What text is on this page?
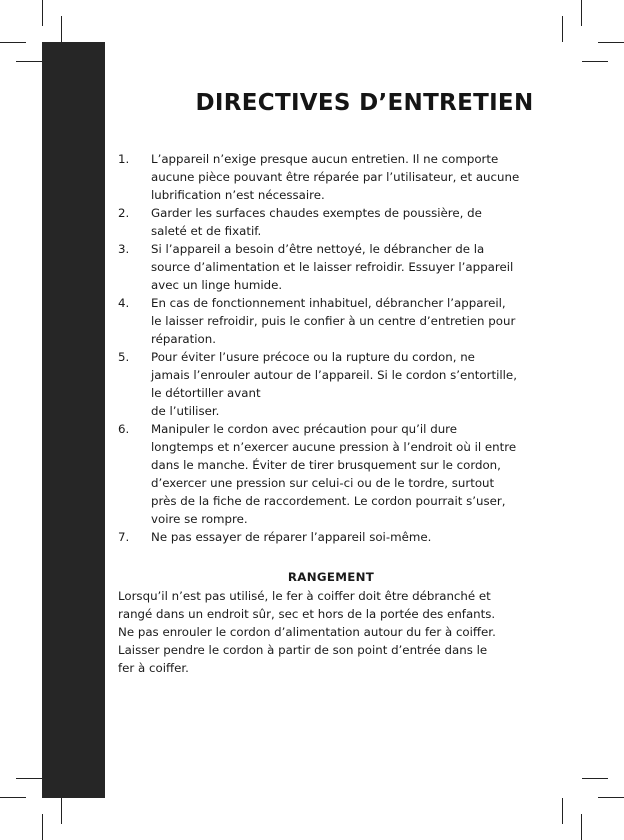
DIRECTIVES D’ENTRETIEN
1. L’appareil n’exige presque aucun entretien. Il ne comporte
aucune pièce pouvant être réparée par l’utilisateur, et aucune
lubrification n’est nécessaire.
2. Garder les surfaces chaudes exemptes de poussière, de
saleté et de fixatif.
3. Si l’appareil a besoin d’être nettoyé, le débrancher de la
source d’alimentation et le laisser refroidir. Essuyer l’appareil
avec un linge humide.
4. En cas de fonctionnement inhabituel, débrancher l’appareil,
le laisser refroidir, puis le confier à un centre d’entretien pour
réparation.
5. Pour éviter l’usure précoce ou la rupture du cordon, ne
jamais l’enrouler autour de l’appareil. Si le cordon s’entortille,
le détortiller avant
de l’utiliser.
6. Manipuler le cordon avec précaution pour qu’il dure
longtemps et n’exercer aucune pression à l’endroit où il entre
dans le manche. Éviter de tirer brusquement sur le cordon,
d’exercer une pression sur celui-ci ou de le tordre, surtout
près de la fiche de raccordement. Le cordon pourrait s’user,
voire se rompre.
7. Ne pas essayer de réparer l’appareil soi-même.
RANGEMENT

Lorsqu’il n’est pas utilisé, le fer à coiffer doit être débranché et
rangé dans un endroit sûr, sec et hors de la portée des enfants.
Ne pas enrouler le cordon d’alimentation autour du fer à coiffer.
Laisser pendre le cordon à partir de son point d’entrée dans le
fer à coiffer.
